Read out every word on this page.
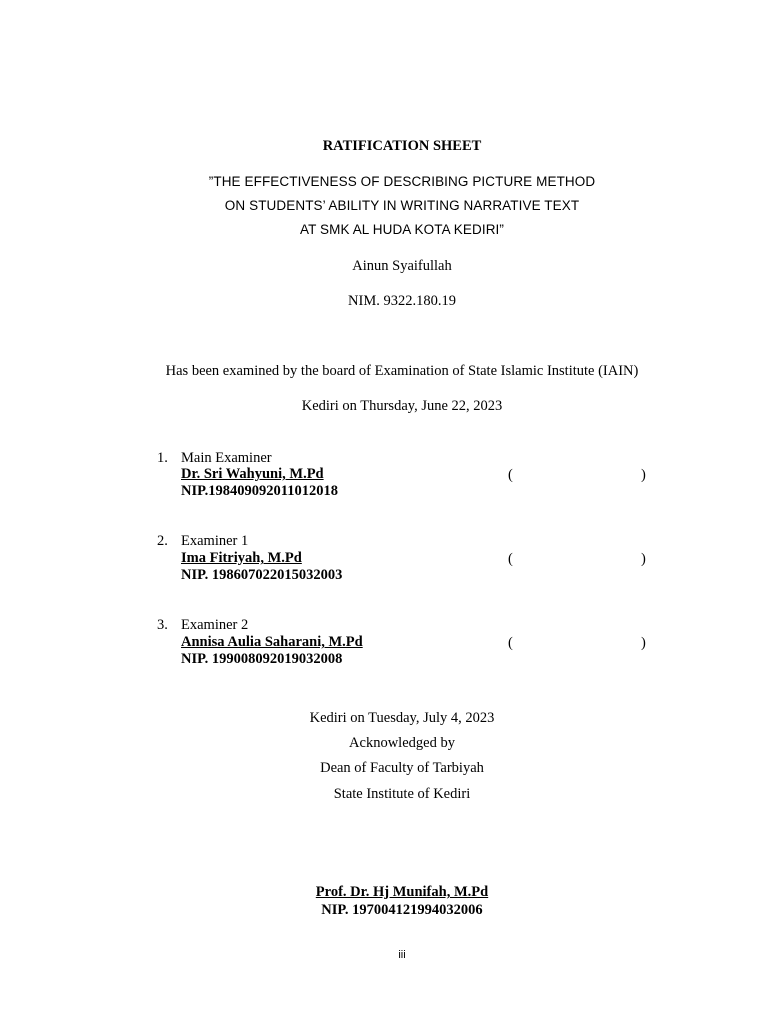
RATIFICATION SHEET
”THE EFFECTIVENESS OF DESCRIBING PICTURE METHOD
ON STUDENTS’ ABILITY IN WRITING NARRATIVE TEXT
AT SMK AL HUDA KOTA KEDIRI”
Ainun Syaifullah
NIM. 9322.180.19
Has been examined by the board of Examination of State Islamic Institute (IAIN)
Kediri on Thursday, June 22, 2023
1. Main Examiner
Dr. Sri Wahyuni, M.Pd
NIP.198409092011012018
(	)
2. Examiner 1
Ima Fitriyah, M.Pd
NIP. 198607022015032003
(	)
3. Examiner 2
Annisa Aulia Saharani, M.Pd
NIP. 199008092019032008
(	)
Kediri on Tuesday, July 4, 2023
Acknowledged by
Dean of Faculty of Tarbiyah
State Institute of Kediri
Prof. Dr. Hj Munifah, M.Pd
NIP. 197004121994032006
iii
